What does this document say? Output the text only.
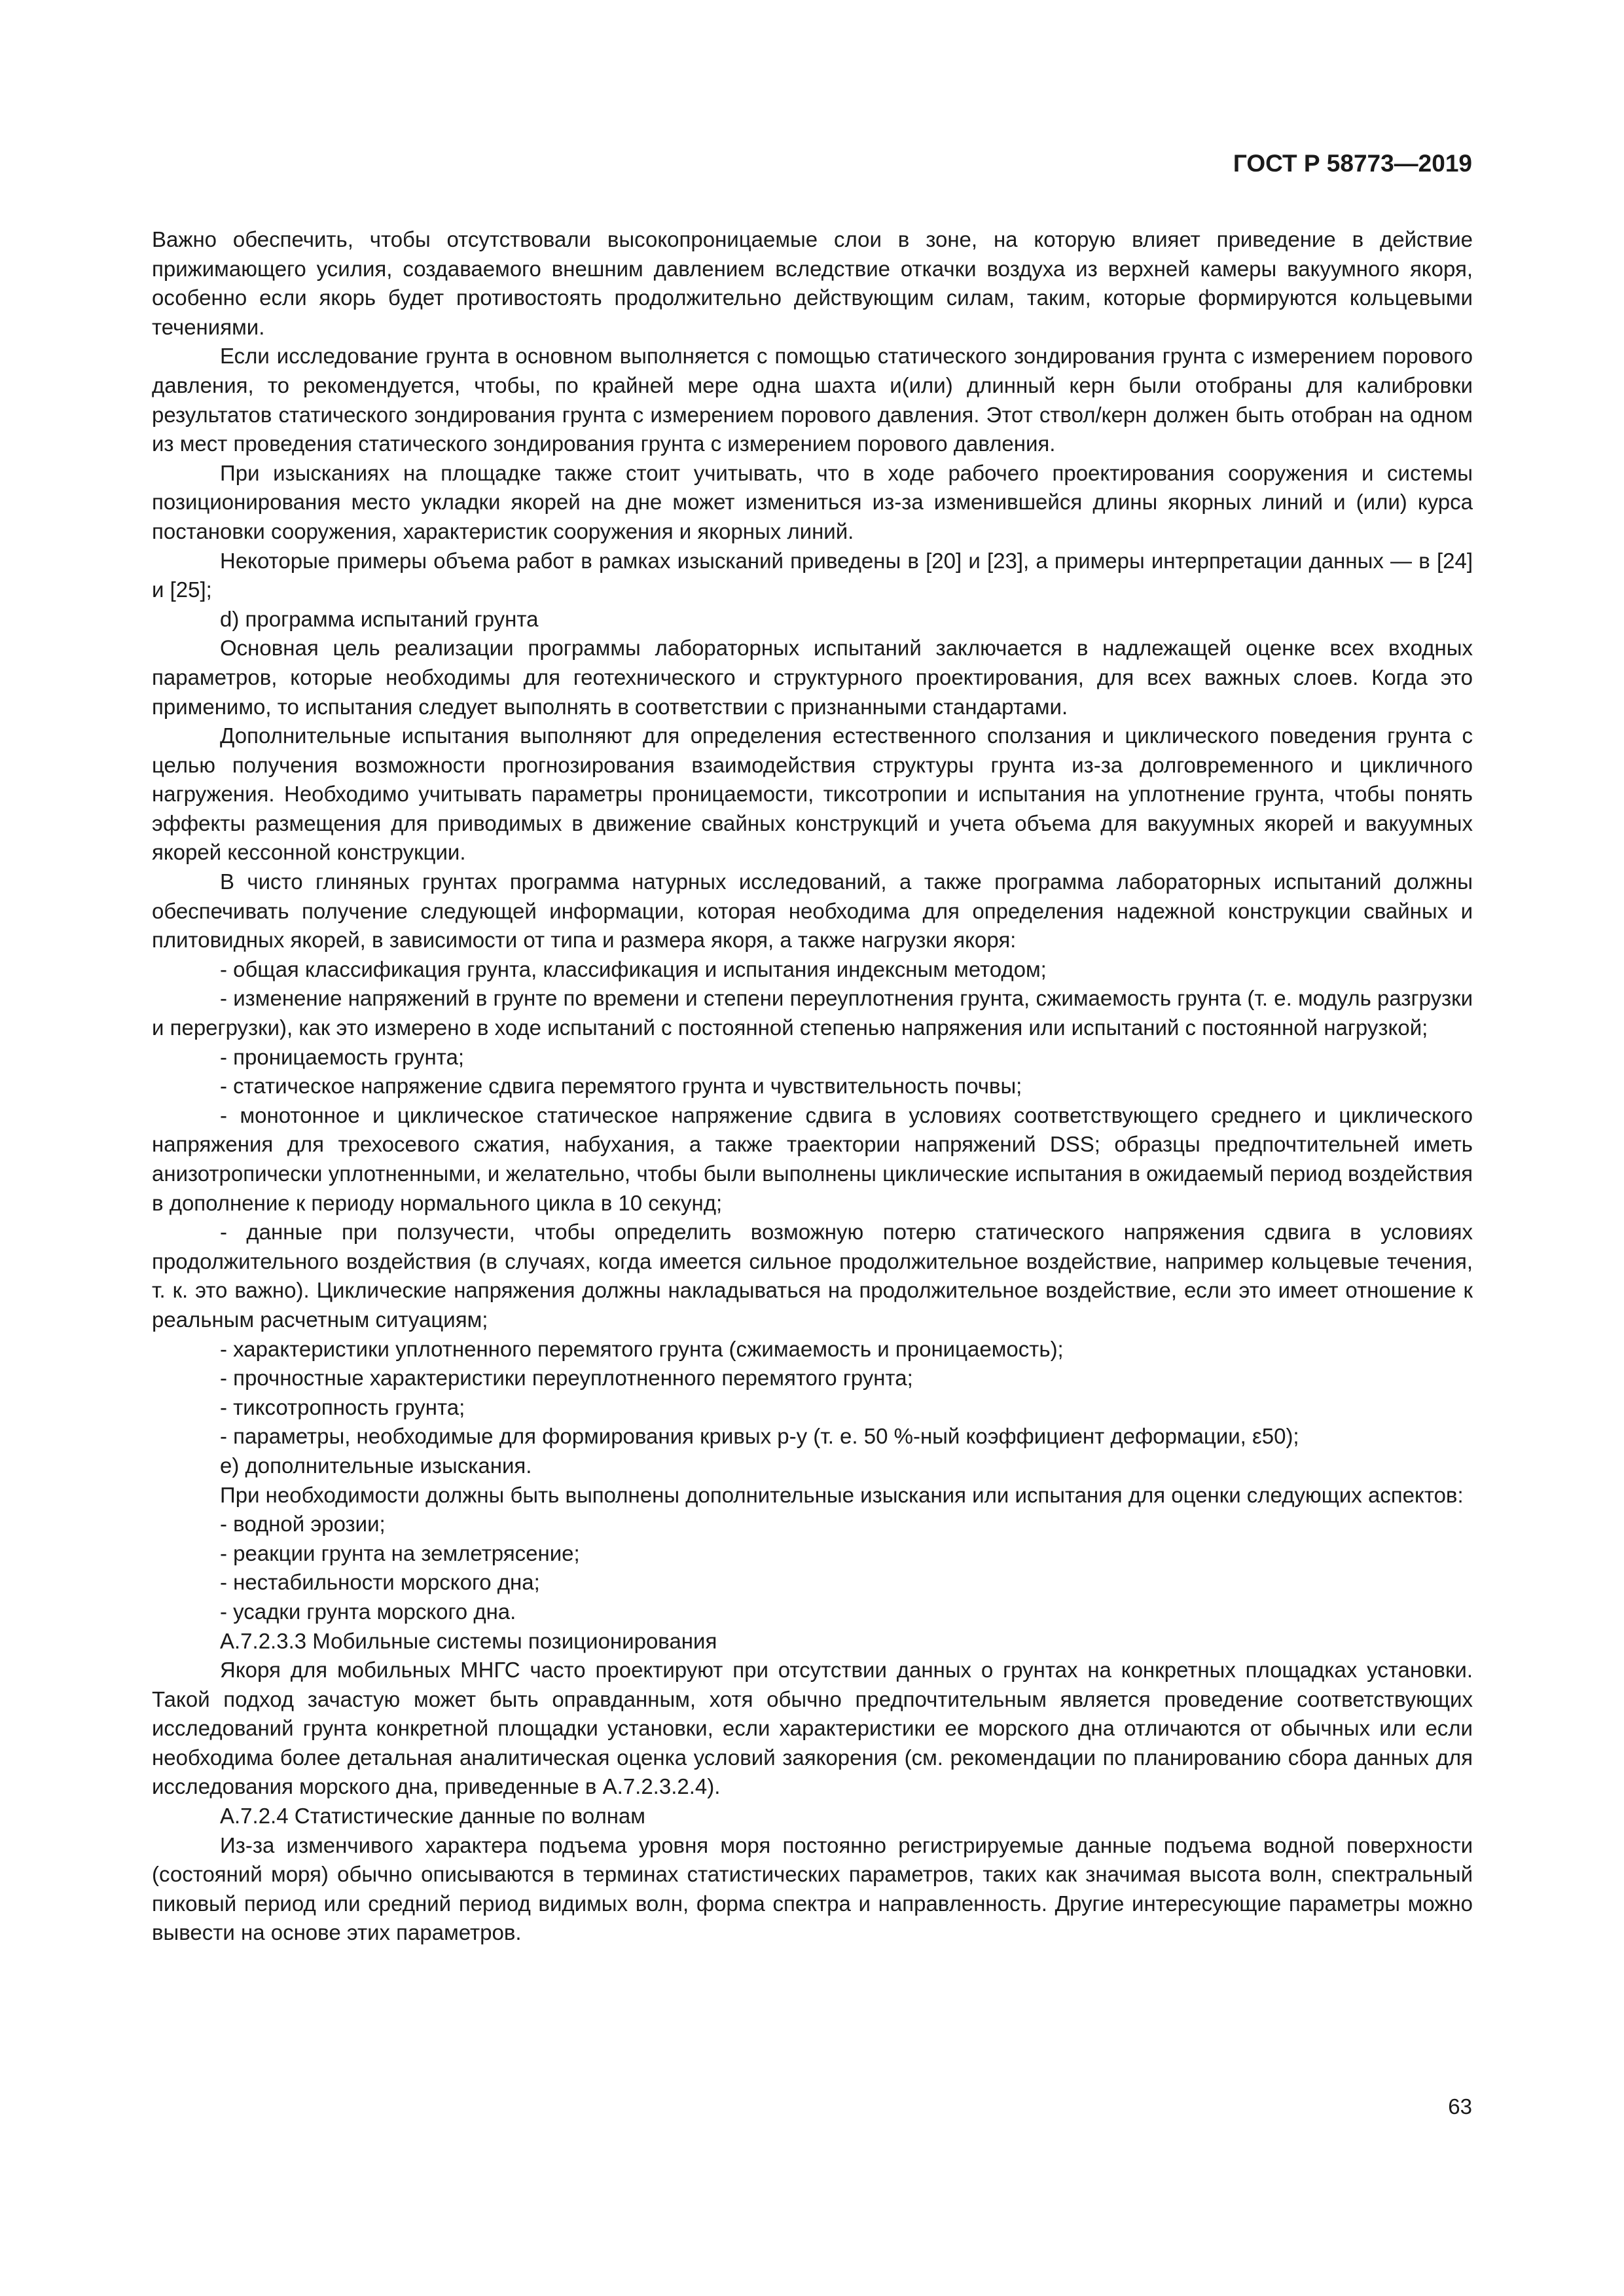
ГОСТ Р 58773—2019

Важно обеспечить, чтобы отсутствовали высокопроницаемые слои в зоне, на которую влияет приведение в действие прижимающего усилия, создаваемого внешним давлением вследствие откачки воздуха из верхней камеры вакуумного якоря, особенно если якорь будет противостоять продолжительно действующим силам, таким, которые формируются кольцевыми течениями.

Если исследование грунта в основном выполняется с помощью статического зондирования грунта с измерением порового давления, то рекомендуется, чтобы, по крайней мере одна шахта и(или) длинный керн были отобраны для калибровки результатов статического зондирования грунта с измерением порового давления. Этот ствол/керн должен быть отобран на одном из мест проведения статического зондирования грунта с измерением порового давления.

При изысканиях на площадке также стоит учитывать, что в ходе рабочего проектирования сооружения и системы позиционирования место укладки якорей на дне может измениться из-за изменившейся длины якорных линий и (или) курса постановки сооружения, характеристик сооружения и якорных линий.

Некоторые примеры объема работ в рамках изысканий приведены в [20] и [23], а примеры интерпретации данных — в [24] и [25];

d) программа испытаний грунта

Основная цель реализации программы лабораторных испытаний заключается в надлежащей оценке всех входных параметров, которые необходимы для геотехнического и структурного проектирования, для всех важных слоев. Когда это применимо, то испытания следует выполнять в соответствии с признанными стандартами.

Дополнительные испытания выполняют для определения естественного сползания и циклического поведения грунта с целью получения возможности прогнозирования взаимодействия структуры грунта из-за долговременного и цикличного нагружения. Необходимо учитывать параметры проницаемости, тиксотропии и испытания на уплотнение грунта, чтобы понять эффекты размещения для приводимых в движение свайных конструкций и учета объема для вакуумных якорей и вакуумных якорей кессонной конструкции.

В чисто глиняных грунтах программа натурных исследований, а также программа лабораторных испытаний должны обеспечивать получение следующей информации, которая необходима для определения надежной конструкции свайных и плитовидных якорей, в зависимости от типа и размера якоря, а также нагрузки якоря:

- общая классификация грунта, классификация и испытания индексным методом;

- изменение напряжений в грунте по времени и степени переуплотнения грунта, сжимаемость грунта (т. е. модуль разгрузки и перегрузки), как это измерено в ходе испытаний с постоянной степенью напряжения или испытаний с постоянной нагрузкой;

- проницаемость грунта;

- статическое напряжение сдвига перемятого грунта и чувствительность почвы;

- монотонное и циклическое статическое напряжение сдвига в условиях соответствующего среднего и циклического напряжения для трехосевого сжатия, набухания, а также траектории напряжений DSS; образцы предпочтительней иметь анизотропически уплотненными, и желательно, чтобы были выполнены циклические испытания в ожидаемый период воздействия в дополнение к периоду нормального цикла в 10 секунд;

- данные при ползучести, чтобы определить возможную потерю статического напряжения сдвига в условиях продолжительного воздействия (в случаях, когда имеется сильное продолжительное воздействие, например кольцевые течения, т. к. это важно). Циклические напряжения должны накладываться на продолжительное воздействие, если это имеет отношение к реальным расчетным ситуациям;

- характеристики уплотненного перемятого грунта (сжимаемость и проницаемость);

- прочностные характеристики переуплотненного перемятого грунта;

- тиксотропность грунта;

- параметры, необходимые для формирования кривых р-у (т. е. 50 %-ный коэффициент деформации, ε50);

е) дополнительные изыскания.

При необходимости должны быть выполнены дополнительные изыскания или испытания для оценки следующих аспектов:

- водной эрозии;

- реакции грунта на землетрясение;

- нестабильности морского дна;

- усадки грунта морского дна.

А.7.2.3.3 Мобильные системы позиционирования

Якоря для мобильных МНГС часто проектируют при отсутствии данных о грунтах на конкретных площадках установки. Такой подход зачастую может быть оправданным, хотя обычно предпочтительным является проведение соответствующих исследований грунта конкретной площадки установки, если характеристики ее морского дна отличаются от обычных или если необходима более детальная аналитическая оценка условий заякорения (см. рекомендации по планированию сбора данных для исследования морского дна, приведенные в А.7.2.3.2.4).

А.7.2.4 Статистические данные по волнам

Из-за изменчивого характера подъема уровня моря постоянно регистрируемые данные подъема водной поверхности (состояний моря) обычно описываются в терминах статистических параметров, таких как значимая высота волн, спектральный пиковый период или средний период видимых волн, форма спектра и направленность. Другие интересующие параметры можно вывести на основе этих параметров.

63
